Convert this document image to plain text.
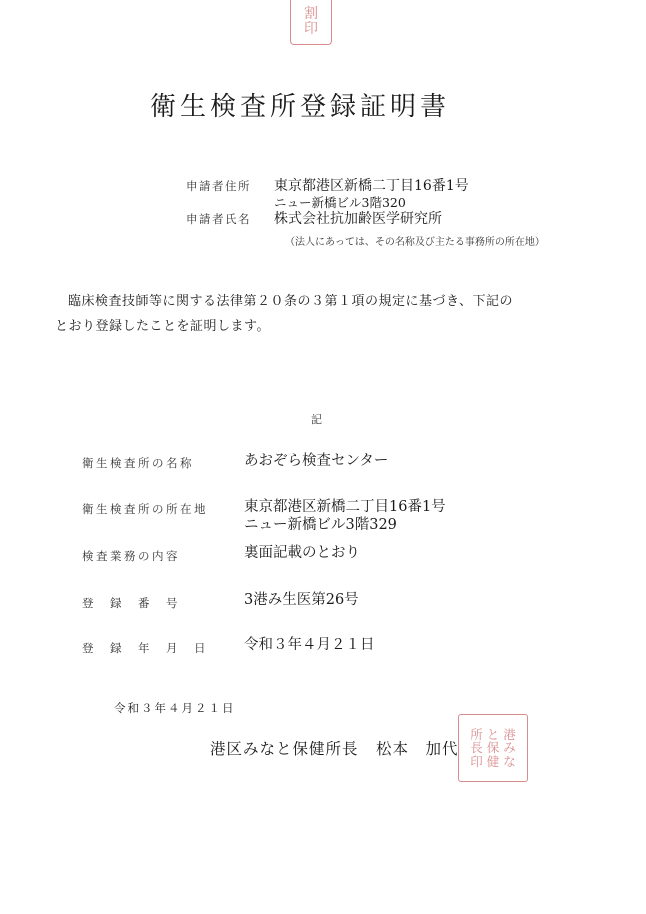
割
印
衛生検査所登録証明書
申請者住所 東京都港区新橋二丁目16番1号
ニュー新橋ビル3階320
申請者氏名 株式会社抗加齢医学研究所
（法人にあっては、その名称及び主たる事務所の所在地）
臨床検査技師等に関する法律第２０条の３第１項の規定に基づき、下記の
とおり登録したことを証明します。
記
衛生検査所の名称	あおぞら検査センター
衛生検査所の所在地 東京都港区新橋二丁目16番1号
ニュー新橋ビル3階329
検査業務の内容	裏面記載のとおり
登　録　番　号	3港み生医第26号
登　録　年　月　日 令和３年４月２１日
令和３年４月２１日
港区みなと保健所長 松本　加代
所
長
印
と
保
健
港
み
な
